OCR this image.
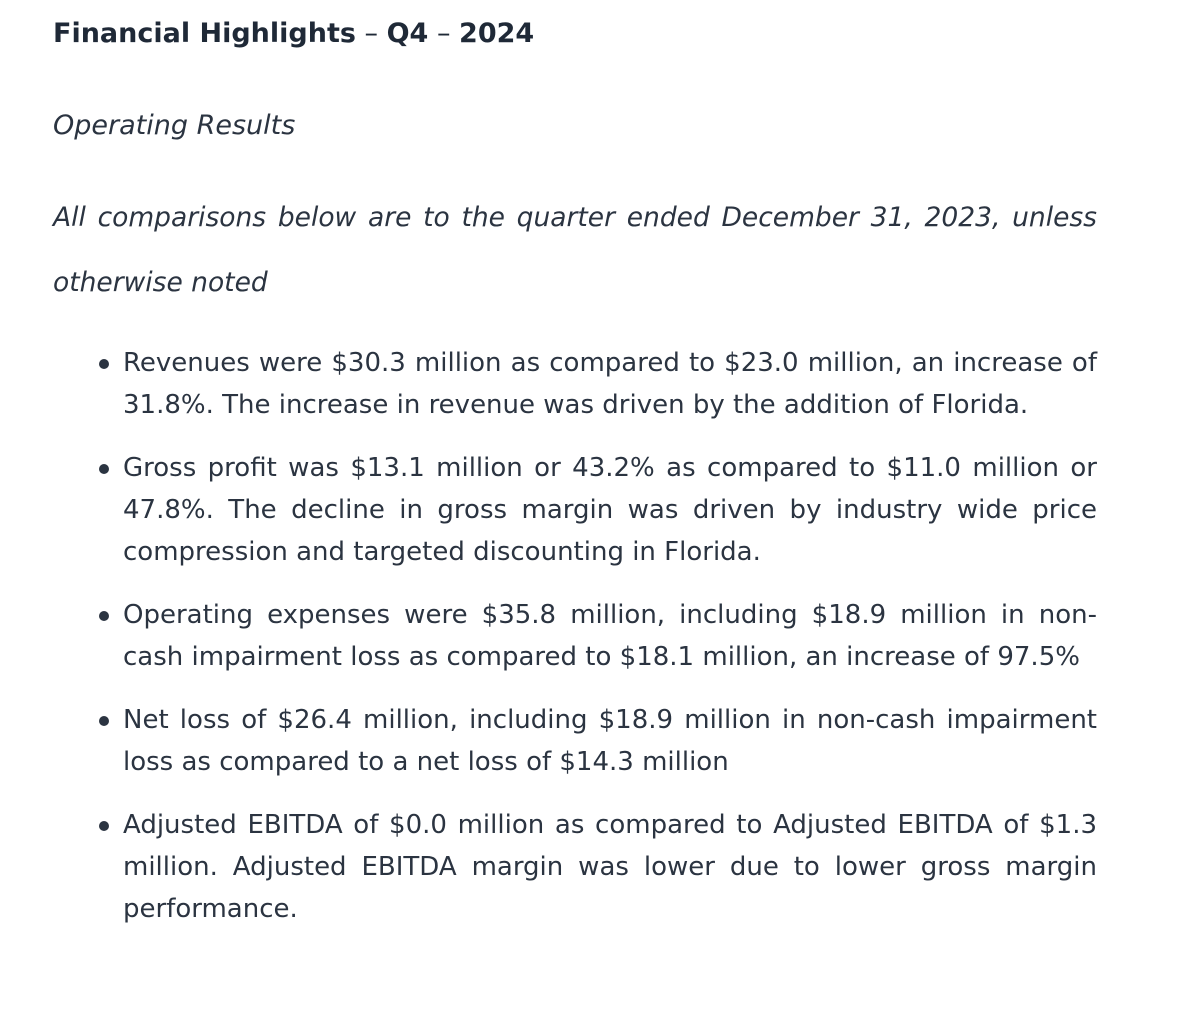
Financial Highlights – Q4 – 2024
Operating Results

All comparisons below are to the quarter ended December 31, 2023, unless otherwise noted

Revenues were $30.3 million as compared to $23.0 million, an increase of 31.8%. The increase in revenue was driven by the addition of Florida.
Gross profit was $13.1 million or 43.2% as compared to $11.0 million or 47.8%. The decline in gross margin was driven by industry wide price compression and targeted discounting in Florida.
Operating expenses were $35.8 million, including $18.9 million in non-cash impairment loss as compared to $18.1 million, an increase of 97.5%
Net loss of $26.4 million, including $18.9 million in non-cash impairment loss as compared to a net loss of $14.3 million
Adjusted EBITDA of $0.0 million as compared to Adjusted EBITDA of $1.3 million. Adjusted EBITDA margin was lower due to lower gross margin performance.
